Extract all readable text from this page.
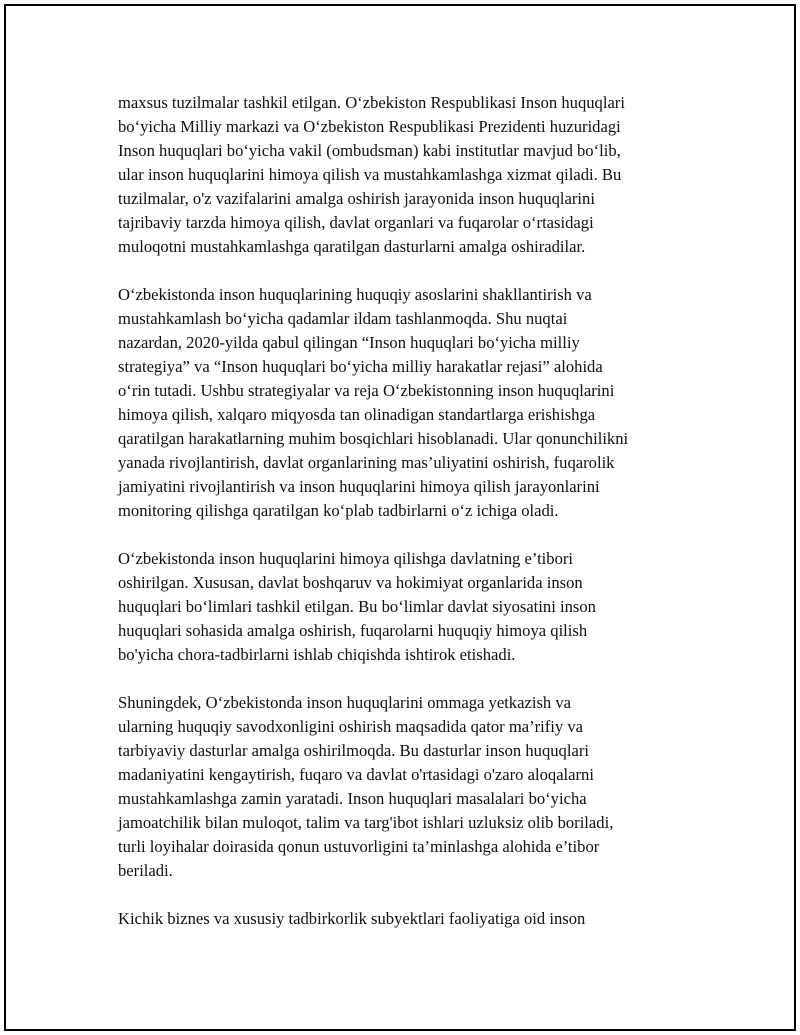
maxsus tuzilmalar tashkil etilgan. O‘zbekiston Respublikasi Inson huquqlari
bo‘yicha Milliy markazi va O‘zbekiston Respublikasi Prezidenti huzuridagi
Inson huquqlari bo‘yicha vakil (ombudsman) kabi institutlar mavjud bo‘lib,
ular inson huquqlarini himoya qilish va mustahkamlashga xizmat qiladi. Bu
tuzilmalar, o'z vazifalarini amalga oshirish jarayonida inson huquqlarini
tajribaviy tarzda himoya qilish, davlat organlari va fuqarolar o‘rtasidagi
muloqotni mustahkamlashga qaratilgan dasturlarni amalga oshiradilar.

O‘zbekistonda inson huquqlarining huquqiy asoslarini shakllantirish va
mustahkamlash bo‘yicha qadamlar ildam tashlanmoqda. Shu nuqtai
nazardan, 2020-yilda qabul qilingan “Inson huquqlari bo‘yicha milliy
strategiya” va “Inson huquqlari bo‘yicha milliy harakatlar rejasi” alohida
o‘rin tutadi. Ushbu strategiyalar va reja O‘zbekistonning inson huquqlarini
himoya qilish, xalqaro miqyosda tan olinadigan standartlarga erishishga
qaratilgan harakatlarning muhim bosqichlari hisoblanadi. Ular qonunchilikni
yanada rivojlantirish, davlat organlarining mas’uliyatini oshirish, fuqarolik
jamiyatini rivojlantirish va inson huquqlarini himoya qilish jarayonlarini
monitoring qilishga qaratilgan ko‘plab tadbirlarni o‘z ichiga oladi.

O‘zbekistonda inson huquqlarini himoya qilishga davlatning e’tibori
oshirilgan. Xususan, davlat boshqaruv va hokimiyat organlarida inson
huquqlari bo‘limlari tashkil etilgan. Bu bo‘limlar davlat siyosatini inson
huquqlari sohasida amalga oshirish, fuqarolarni huquqiy himoya qilish
bo'yicha chora-tadbirlarni ishlab chiqishda ishtirok etishadi.

Shuningdek, O‘zbekistonda inson huquqlarini ommaga yetkazish va
ularning huquqiy savodxonligini oshirish maqsadida qator ma’rifiy va
tarbiyaviy dasturlar amalga oshirilmoqda. Bu dasturlar inson huquqlari
madaniyatini kengaytirish, fuqaro va davlat o'rtasidagi o'zaro aloqalarni
mustahkamlashga zamin yaratadi. Inson huquqlari masalalari bo‘yicha
jamoatchilik bilan muloqot, talim va targ'ibot ishlari uzluksiz olib boriladi,
turli loyihalar doirasida qonun ustuvorligini ta’minlashga alohida e’tibor
beriladi.

Kichik biznes va xususiy tadbirkorlik subyektlari faoliyatiga oid inson
